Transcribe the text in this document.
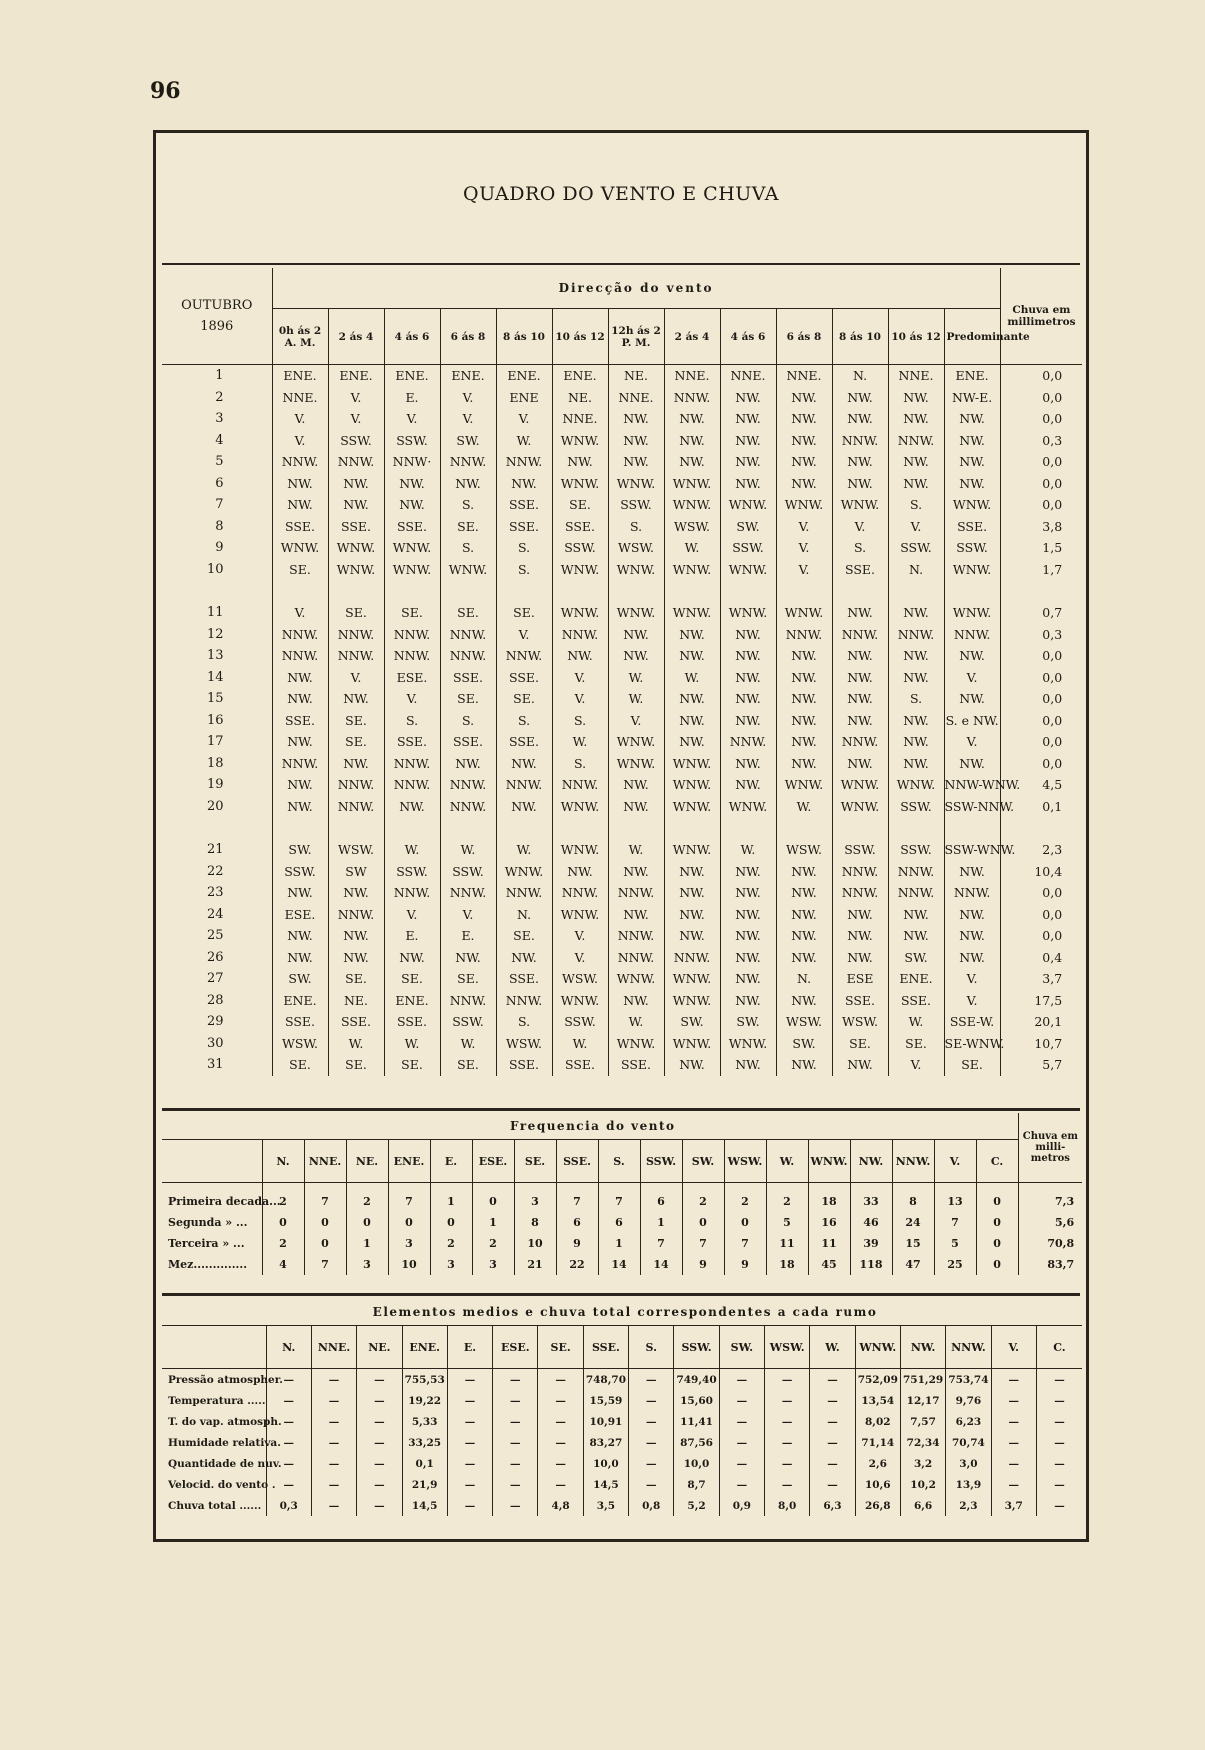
96
QUADRO DO VENTO E CHUVA
OUTUBRO
1896	Direcção do vento													Chuva em millimetros
	0h ás 2 A. M.	2 ás 4	4 ás 6	6 ás 8	8 ás 10	10 ás 12	12h ás 2 P. M.	2 ás 4	4 ás 6	6 ás 8	8 ás 10	10 ás 12	Predominante	
1	ENE.	ENE.	ENE.	ENE.	ENE.	ENE.	NE.	NNE.	NNE.	NNE.	N.	NNE.	ENE.	0,0
2	NNE.	V.	E.	V.	ENE	NE.	NNE.	NNW.	NW.	NW.	NW.	NW.	NW-E.	0,0
3	V.	V.	V.	V.	V.	NNE.	NW.	NW.	NW.	NW.	NW.	NW.	NW.	0,0
4	V.	SSW.	SSW.	SW.	W.	WNW.	NW.	NW.	NW.	NW.	NNW.	NNW.	NW.	0,3
5	NNW.	NNW.	NNW·	NNW.	NNW.	NW.	NW.	NW.	NW.	NW.	NW.	NW.	NW.	0,0
6	NW.	NW.	NW.	NW.	NW.	WNW.	WNW.	WNW.	NW.	NW.	NW.	NW.	NW.	0,0
7	NW.	NW.	NW.	S.	SSE.	SE.	SSW.	WNW.	WNW.	WNW.	WNW.	S.	WNW.	0,0
8	SSE.	SSE.	SSE.	SE.	SSE.	SSE.	S.	WSW.	SW.	V.	V.	V.	SSE.	3,8
9	WNW.	WNW.	WNW.	S.	S.	SSW.	WSW.	W.	SSW.	V.	S.	SSW.	SSW.	1,5
10	SE.	WNW.	WNW.	WNW.	S.	WNW.	WNW.	WNW.	WNW.	V.	SSE.	N.	WNW.	1,7

11	V.	SE.	SE.	SE.	SE.	WNW.	WNW.	WNW.	WNW.	WNW.	NW.	NW.	WNW.	0,7
12	NNW.	NNW.	NNW.	NNW.	V.	NNW.	NW.	NW.	NW.	NNW.	NNW.	NNW.	NNW.	0,3
13	NNW.	NNW.	NNW.	NNW.	NNW.	NW.	NW.	NW.	NW.	NW.	NW.	NW.	NW.	0,0
14	NW.	V.	ESE.	SSE.	SSE.	V.	W.	W.	NW.	NW.	NW.	NW.	V.	0,0
15	NW.	NW.	V.	SE.	SE.	V.	W.	NW.	NW.	NW.	NW.	S.	NW.	0,0
16	SSE.	SE.	S.	S.	S.	S.	V.	NW.	NW.	NW.	NW.	NW.	S. e NW.	0,0
17	NW.	SE.	SSE.	SSE.	SSE.	W.	WNW.	NW.	NNW.	NW.	NNW.	NW.	V.	0,0
18	NNW.	NW.	NNW.	NW.	NW.	S.	WNW.	WNW.	NW.	NW.	NW.	NW.	NW.	0,0
19	NW.	NNW.	NNW.	NNW.	NNW.	NNW.	NW.	WNW.	NW.	WNW.	WNW.	WNW.	NNW-WNW.	4,5
20	NW.	NNW.	NW.	NNW.	NW.	WNW.	NW.	WNW.	WNW.	W.	WNW.	SSW.	SSW-NNW.	0,1

21	SW.	WSW.	W.	W.	W.	WNW.	W.	WNW.	W.	WSW.	SSW.	SSW.	SSW-WNW.	2,3
22	SSW.	SW	SSW.	SSW.	WNW.	NW.	NW.	NW.	NW.	NW.	NNW.	NNW.	NW.	10,4
23	NW.	NW.	NNW.	NNW.	NNW.	NNW.	NNW.	NW.	NW.	NW.	NNW.	NNW.	NNW.	0,0
24	ESE.	NNW.	V.	V.	N.	WNW.	NW.	NW.	NW.	NW.	NW.	NW.	NW.	0,0
25	NW.	NW.	E.	E.	SE.	V.	NNW.	NW.	NW.	NW.	NW.	NW.	NW.	0,0
26	NW.	NW.	NW.	NW.	NW.	V.	NNW.	NNW.	NW.	NW.	NW.	SW.	NW.	0,4
27	SW.	SE.	SE.	SE.	SSE.	WSW.	WNW.	WNW.	NW.	N.	ESE	ENE.	V.	3,7
28	ENE.	NE.	ENE.	NNW.	NNW.	WNW.	NW.	WNW.	NW.	NW.	SSE.	SSE.	V.	17,5
29	SSE.	SSE.	SSE.	SSW.	S.	SSW.	W.	SW.	SW.	WSW.	WSW.	W.	SSE-W.	20,1
30	WSW.	W.	W.	W.	WSW.	W.	WNW.	WNW.	WNW.	SW.	SE.	SE.	SE-WNW.	10,7
31	SE.	SE.	SE.	SE.	SSE.	SSE.	SSE.	NW.	NW.	NW.	NW.	V.	SE.	5,7
Frequencia do vento																			Chuva em milli- metros
	N.	NNE.	NE.	ENE.	E.	ESE.	SE.	SSE.	S.	SSW.	SW.	WSW.	W.	WNW.	NW.	NNW.	V.	C.	
Primeira decada...	2	7	2	7	1	0	3	7	7	6	2	2	2	18	33	8	13	0	7,3
Segunda » ...	0	0	0	0	0	1	8	6	6	1	0	0	5	16	46	24	7	0	5,6
Terceira » ...	2	0	1	3	2	2	10	9	1	7	7	7	11	11	39	15	5	0	70,8
Mez..............	4	7	3	10	3	3	21	22	14	14	9	9	18	45	118	47	25	0	83,7
Elementos medios e chuva total correspondentes a cada rumo																		
	N.	NNE.	NE.	ENE.	E.	ESE.	SE.	SSE.	S.	SSW.	SW.	WSW.	W.	WNW.	NW.	NNW.	V.	C.
Pressão atmospher.	—	—	—	755,53	—	—	—	748,70	—	749,40	—	—	—	752,09	751,29	753,74	—	—
Temperatura .....	—	—	—	19,22	—	—	—	15,59	—	15,60	—	—	—	13,54	12,17	9,76	—	—
T. do vap. atmosph.	—	—	—	5,33	—	—	—	10,91	—	11,41	—	—	—	8,02	7,57	6,23	—	—
Humidade relativa.	—	—	—	33,25	—	—	—	83,27	—	87,56	—	—	—	71,14	72,34	70,74	—	—
Quantidade de nuv.	—	—	—	0,1	—	—	—	10,0	—	10,0	—	—	—	2,6	3,2	3,0	—	—
Velocid. do vento .	—	—	—	21,9	—	—	—	14,5	—	8,7	—	—	—	10,6	10,2	13,9	—	—
Chuva total ......	0,3	—	—	14,5	—	—	4,8	3,5	0,8	5,2	0,9	8,0	6,3	26,8	6,6	2,3	3,7	—
